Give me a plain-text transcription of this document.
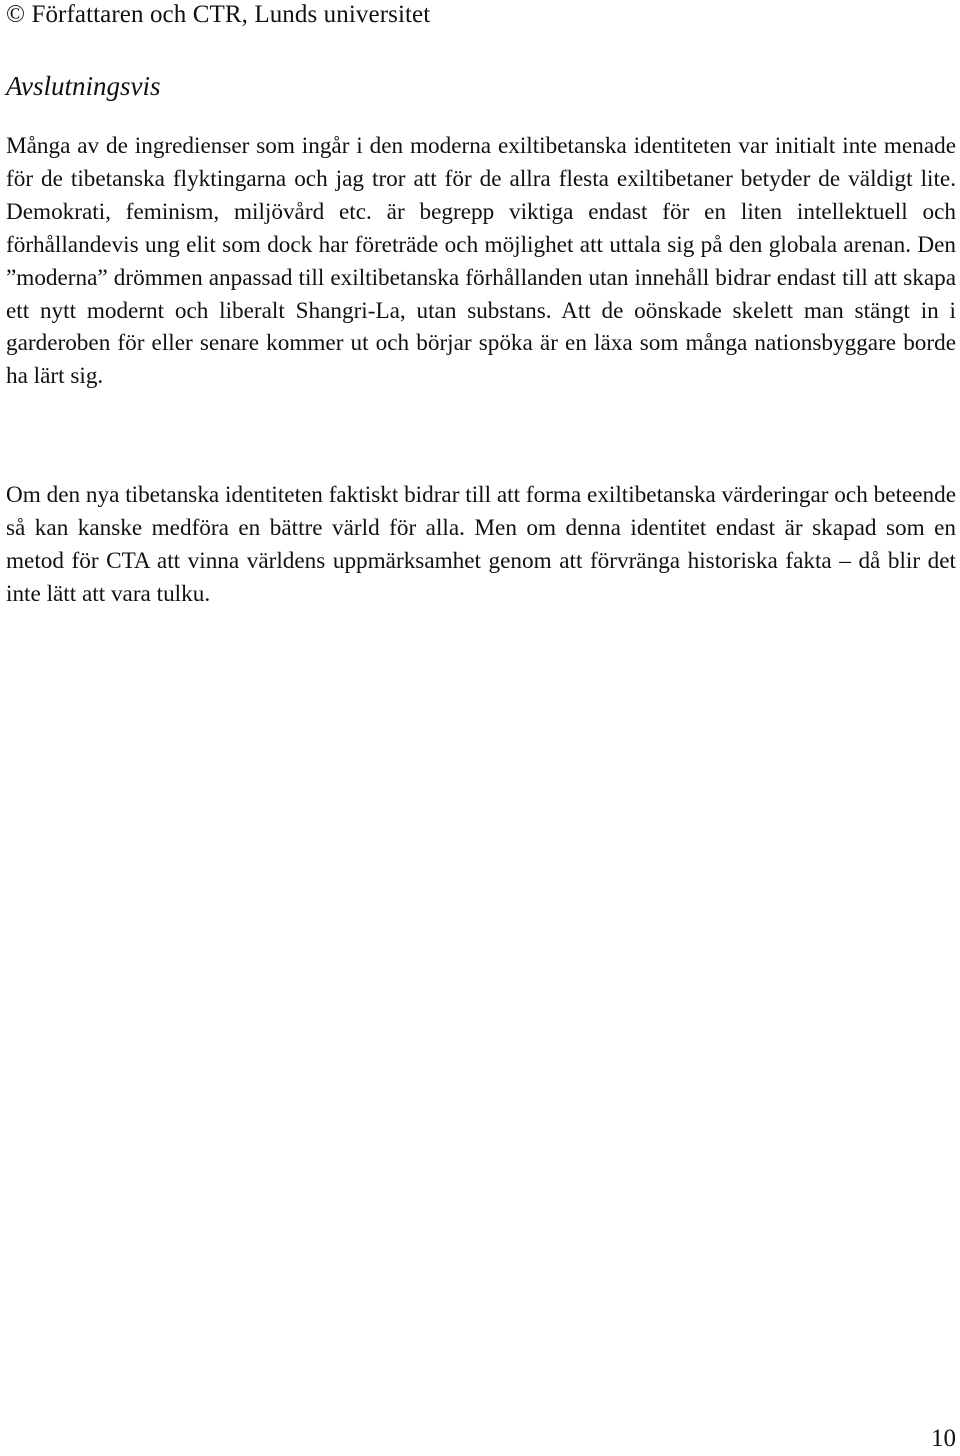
© Författaren och CTR, Lunds universitet
Avslutningsvis

Många av de ingredienser som ingår i den moderna exiltibetanska identiteten var initialt inte menade för de tibetanska flyktingarna och jag tror att för de allra flesta exiltibetaner betyder de väldigt lite. Demokrati, feminism, miljövård etc. är begrepp viktiga endast för en liten intellektuell och förhållandevis ung elit som dock har företräde och möjlighet att uttala sig på den globala arenan. Den ”moderna” drömmen anpassad till exiltibetanska förhållanden utan innehåll bidrar endast till att skapa ett nytt modernt och liberalt Shangri-La, utan substans. Att de oönskade skelett man stängt in i garderoben för eller senare kommer ut och börjar spöka är en läxa som många nationsbyggare borde ha lärt sig.

Om den nya tibetanska identiteten faktiskt bidrar till att forma exiltibetanska värderingar och beteende så kan kanske medföra en bättre värld för alla. Men om denna identitet endast är skapad som en metod för CTA att vinna världens uppmärksamhet genom att förvränga historiska fakta – då blir det inte lätt att vara tulku.

10
